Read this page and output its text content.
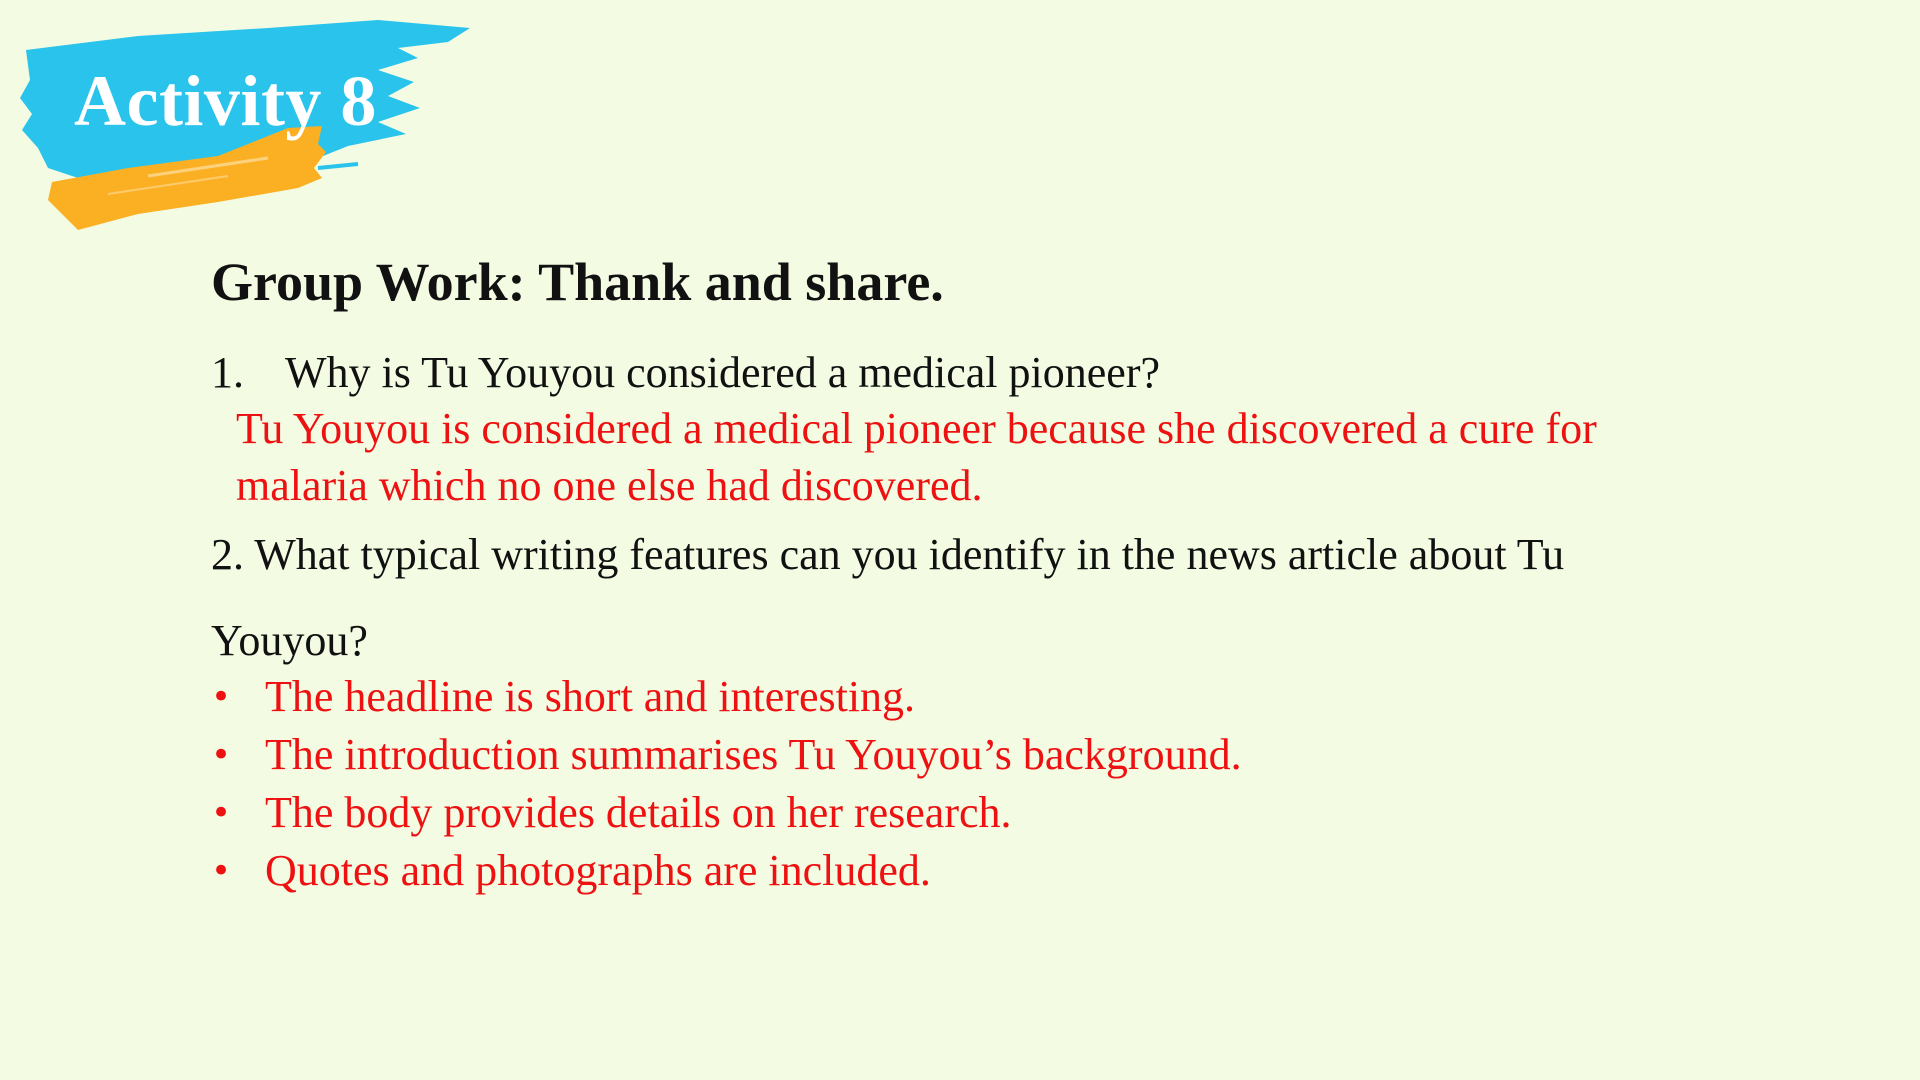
Activity 8
Group Work: Thank and share.
1. Why is Tu Youyou considered a medical pioneer?
Tu Youyou is considered a medical pioneer because she discovered a cure for malaria which no one else had discovered.
2. What typical writing features can you identify in the news article about Tu Youyou?
• The headline is short and interesting.
• The introduction summarises Tu Youyou’s background.
• The body provides details on her research.
• Quotes and photographs are included.
